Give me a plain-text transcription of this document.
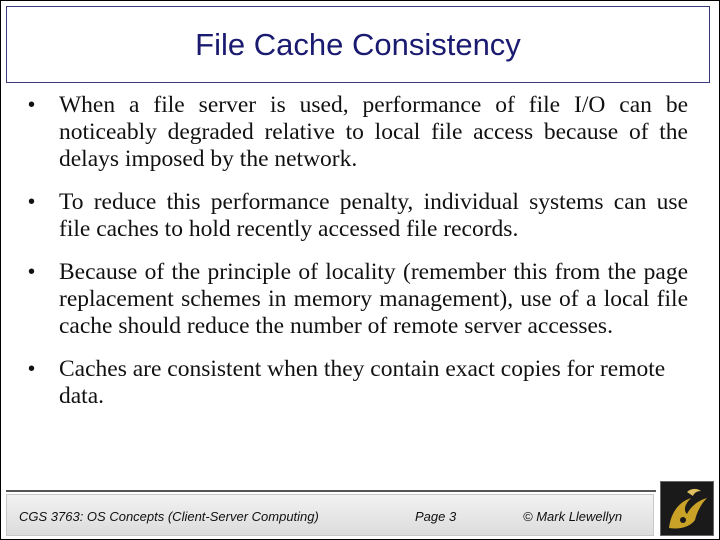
File Cache Consistency
• When a file server is used, performance of file I/O can be noticeably degraded relative to local file access because of the delays imposed by the network.
• To reduce this performance penalty, individual systems can use file caches to hold recently accessed file records.
• Because of the principle of locality (remember this from the page replacement schemes in memory management), use of a local file cache should reduce the number of remote server accesses.
• Caches are consistent when they contain exact copies for remote data.
CGS 3763: OS Concepts (Client-Server Computing)	Page 3	© Mark Llewellyn
